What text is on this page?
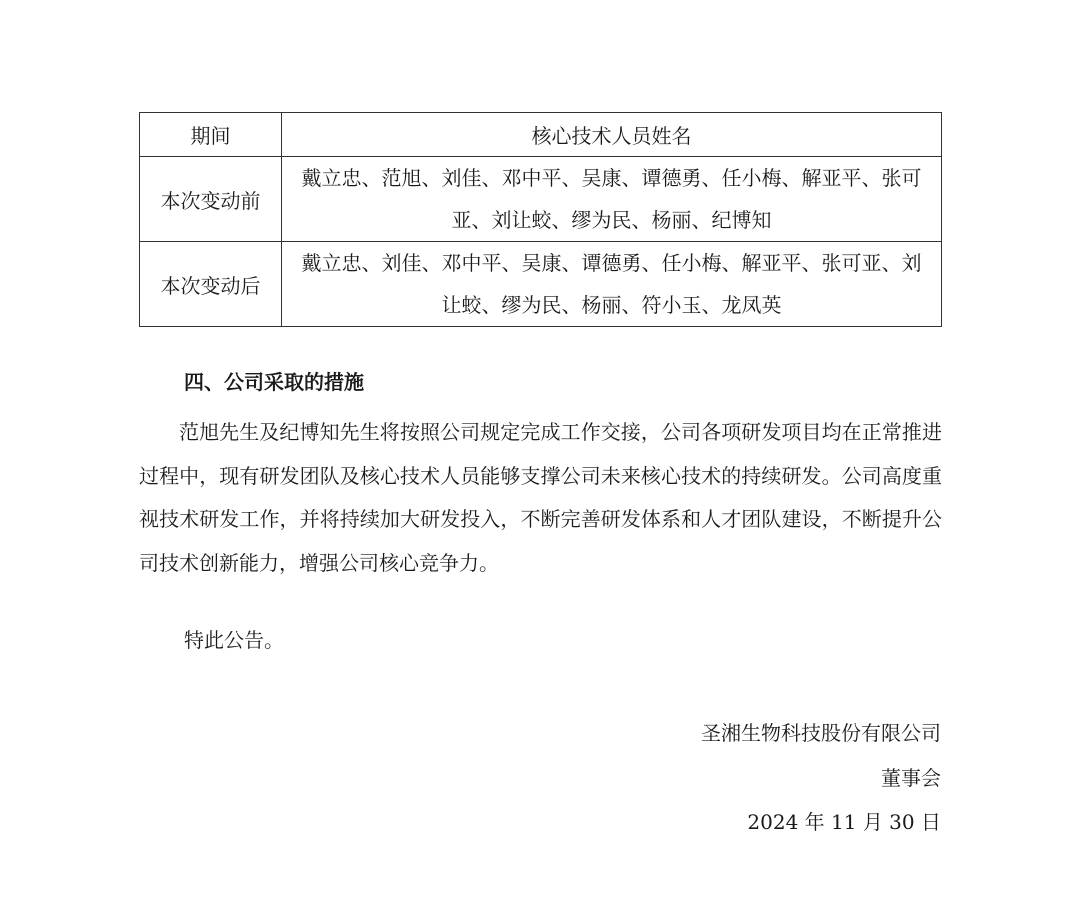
期间	核心技术人员姓名
本次变动前	戴立忠、范旭、刘佳、邓中平、吴康、谭德勇、任小梅、解亚平、张可亚、刘让蛟、缪为民、杨丽、纪博知
本次变动后	戴立忠、刘佳、邓中平、吴康、谭德勇、任小梅、解亚平、张可亚、刘让蛟、缪为民、杨丽、符小玉、龙凤英
四、公司采取的措施

范旭先生及纪博知先生将按照公司规定完成工作交接，公司各项研发项目均在正常推进过程中，现有研发团队及核心技术人员能够支撑公司未来核心技术的持续研发。公司高度重视技术研发工作，并将持续加大研发投入，不断完善研发体系和人才团队建设，不断提升公司技术创新能力，增强公司核心竞争力。

特此公告。

圣湘生物科技股份有限公司

董事会

2024 年 11 月 30 日
